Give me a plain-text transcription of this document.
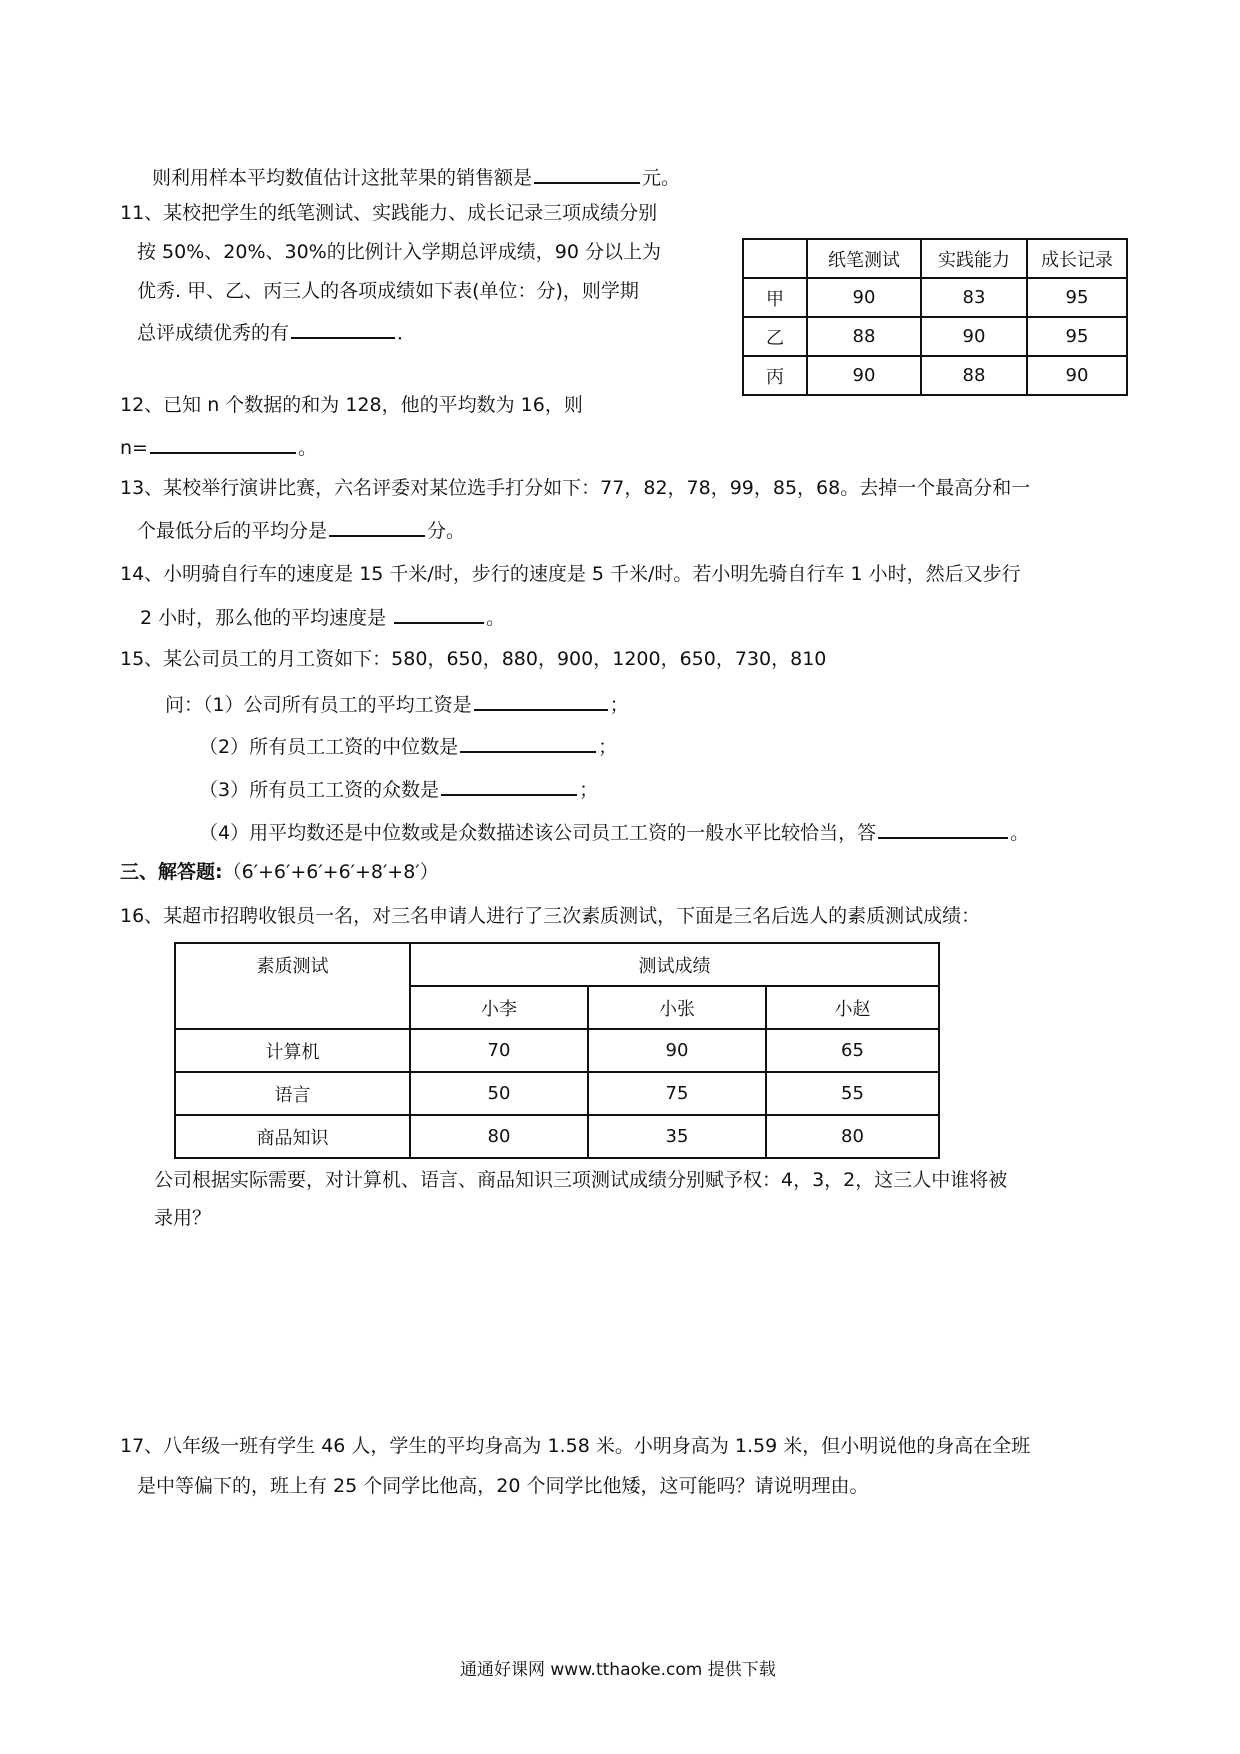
则利用样本平均数值估计这批苹果的销售额是	元。
11、某校把学生的纸笔测试、实践能力、成长记录三项成绩分别
按 50%、20%、30%的比例计入学期总评成绩，90 分以上为
优秀. 甲、乙、丙三人的各项成绩如下表(单位：分)，则学期
总评成绩优秀的有	．
	纸笔测试	实践能力	成长记录
甲	90	83	95
乙	88	90	95
丙	90	88	90
12、已知 n 个数据的和为 128，他的平均数为 16，则
n=	。
13、某校举行演讲比赛，六名评委对某位选手打分如下：77，82，78，99，85，68。去掉一个最高分和一
个最低分后的平均分是	分。
14、小明骑自行车的速度是 15 千米/时，步行的速度是 5 千米/时。若小明先骑自行车 1 小时，然后又步行
2 小时，那么他的平均速度是	。
15、某公司员工的月工资如下：580，650，880，900，1200，650，730，810
问：（1）公司所有员工的平均工资是	；
（2）所有员工工资的中位数是	；
（3）所有员工工资的众数是	；
（4）用平均数还是中位数或是众数描述该公司员工工资的一般水平比较恰当，答	。
三、解答题:（6′+6′+6′+6′+8′+8′）
16、某超市招聘收银员一名，对三名申请人进行了三次素质测试，下面是三名后选人的素质测试成绩：
素质测试	测试成绩		
	小李	小张	小赵
计算机	70	90	65
语言	50	75	55
商品知识	80	35	80
公司根据实际需要，对计算机、语言、商品知识三项测试成绩分别赋予权：4，3，2，这三人中谁将被
录用？
17、八年级一班有学生 46 人，学生的平均身高为 1.58 米。小明身高为 1.59 米，但小明说他的身高在全班
是中等偏下的，班上有 25 个同学比他高，20 个同学比他矮，这可能吗？请说明理由。
通通好课网 www.tthaoke.com 提供下载
